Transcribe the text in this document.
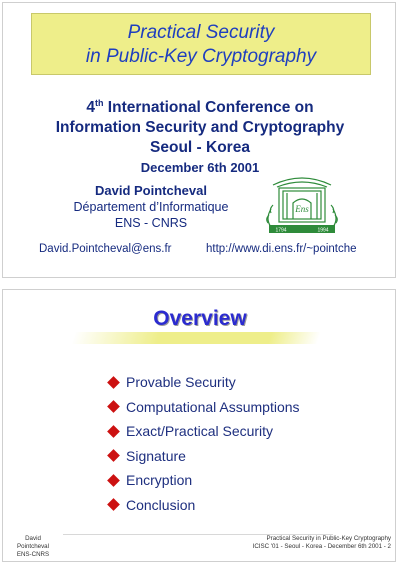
Practical Security
in Public-Key Cryptography
4th International Conference on
Information Security and Cryptography
Seoul - Korea
December 6th 2001
David Pointcheval
Département d’Informatique
ENS - CNRS
Ens
1794	1994
David.Pointcheval@ens.fr	http://www.di.ens.fr/~pointche
Overview
Provable Security
Computational Assumptions
Exact/Practical Security
Signature
Encryption
Conclusion
David Pointcheval
ENS-CNRS
Practical Security in Public-Key Cryptography
ICISC '01 - Seoul - Korea - December 6th 2001 - 2
